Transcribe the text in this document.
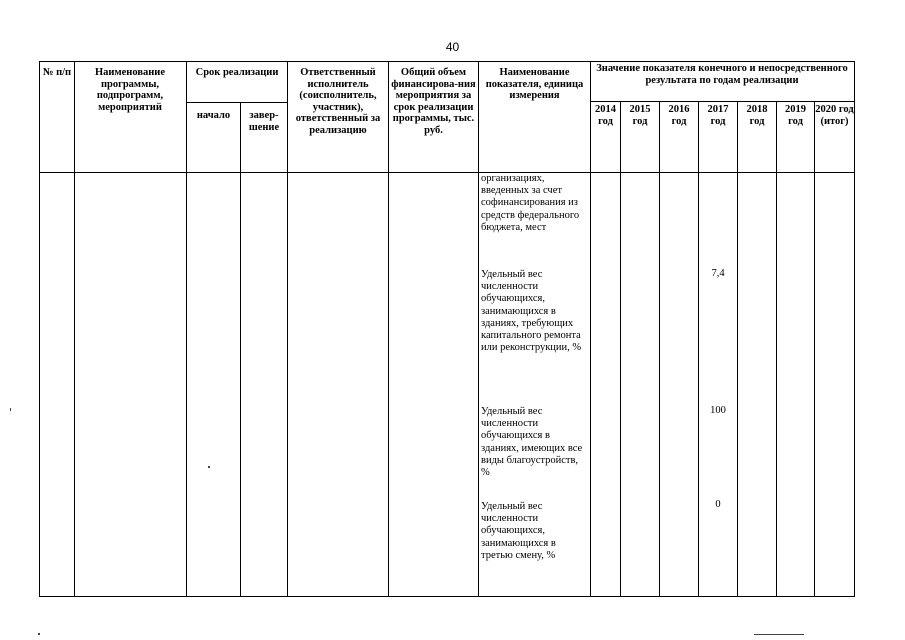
40
№ п/п	Наименование программы, подпрограмм, мероприятий
Срок реализации
начало	завер-шение
Ответственный исполнитель (соисполнитель, участник), ответственный за реализацию
Общий объем финансирова-ния мероприятия за срок реализации программы, тыс. руб.
Наименование показателя, единица измерения
Значение показателя конечного и непосредственного результата по годам реализации
2014 год
2015 год
2016 год
2017 год
2018 год
2019 год
2020 год (итог)
организациях, введенных за счет софинансирования из средств федерального бюджета, мест
Удельный вес численности обучающихся, занимающихся в зданиях, требующих капитального ремонта или реконструкции, %
7,4
Удельный вес численности обучающихся в зданиях, имеющих все виды благоустройств, %
100
Удельный вес численности обучающихся, занимающихся в третью смену, %
0
